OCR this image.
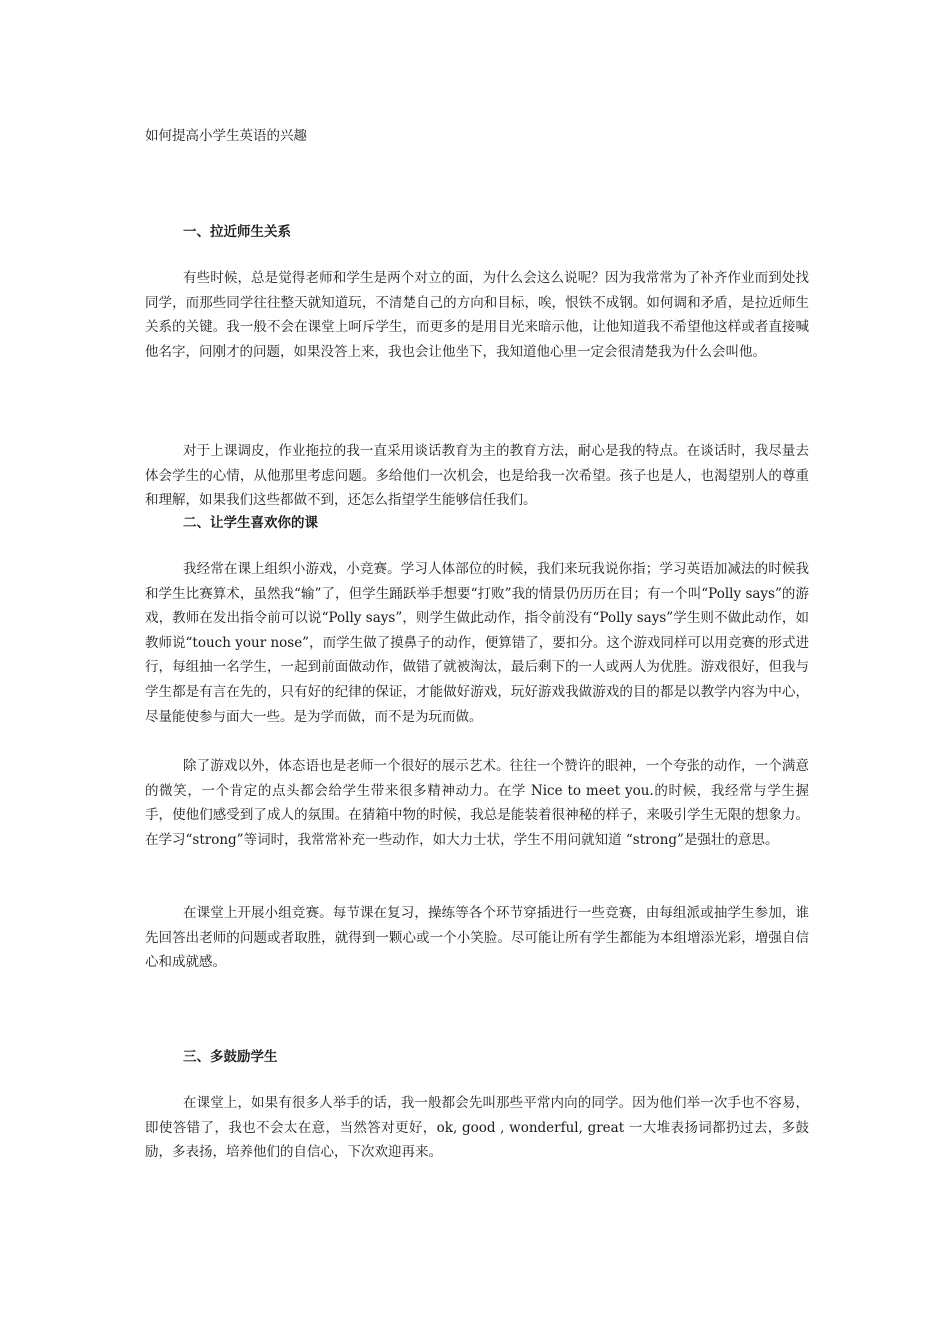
如何提高小学生英语的兴趣
一、拉近师生关系

有些时候，总是觉得老师和学生是两个对立的面，为什么会这么说呢？因为我常常为了补齐作业而到处找同学，而那些同学往往整天就知道玩，不清楚自己的方向和目标，唉，恨铁不成钢。如何调和矛盾，是拉近师生关系的关键。我一般不会在课堂上呵斥学生，而更多的是用目光来暗示他，让他知道我不希望他这样或者直接喊他名字，问刚才的问题，如果没答上来，我也会让他坐下，我知道他心里一定会很清楚我为什么会叫他。

对于上课调皮，作业拖拉的我一直采用谈话教育为主的教育方法，耐心是我的特点。在谈话时，我尽量去体会学生的心情，从他那里考虑问题。多给他们一次机会，也是给我一次希望。孩子也是人，也渴望别人的尊重和理解，如果我们这些都做不到，还怎么指望学生能够信任我们。

二、让学生喜欢你的课

我经常在课上组织小游戏，小竞赛。学习人体部位的时候，我们来玩我说你指；学习英语加减法的时候我和学生比赛算术，虽然我“输”了，但学生踊跃举手想要“打败”我的情景仍历历在目；有一个叫“Polly says”的游戏，教师在发出指令前可以说“Polly says”，则学生做此动作，指令前没有“Polly says”学生则不做此动作，如教师说“touch your nose”，而学生做了摸鼻子的动作，便算错了，要扣分。这个游戏同样可以用竞赛的形式进行，每组抽一名学生，一起到前面做动作，做错了就被淘汰，最后剩下的一人或两人为优胜。游戏很好，但我与学生都是有言在先的，只有好的纪律的保证，才能做好游戏，玩好游戏我做游戏的目的都是以教学内容为中心，尽量能使参与面大一些。是为学而做，而不是为玩而做。

除了游戏以外，体态语也是老师一个很好的展示艺术。往往一个赞许的眼神，一个夸张的动作，一个满意的微笑，一个肯定的点头都会给学生带来很多精神动力。在学 Nice to meet you.的时候，我经常与学生握手，使他们感受到了成人的氛围。在猜箱中物的时候，我总是能装着很神秘的样子，来吸引学生无限的想象力。在学习“strong”等词时，我常常补充一些动作，如大力士状，学生不用问就知道 “strong”是强壮的意思。

在课堂上开展小组竞赛。每节课在复习，操练等各个环节穿插进行一些竞赛，由每组派或抽学生参加，谁先回答出老师的问题或者取胜，就得到一颗心或一个小笑脸。尽可能让所有学生都能为本组增添光彩，增强自信心和成就感。

三、多鼓励学生

在课堂上，如果有很多人举手的话，我一般都会先叫那些平常内向的同学。因为他们举一次手也不容易，即使答错了，我也不会太在意，当然答对更好，ok, good , wonderful, great 一大堆表扬词都扔过去，多鼓励，多表扬，培养他们的自信心，下次欢迎再来。
